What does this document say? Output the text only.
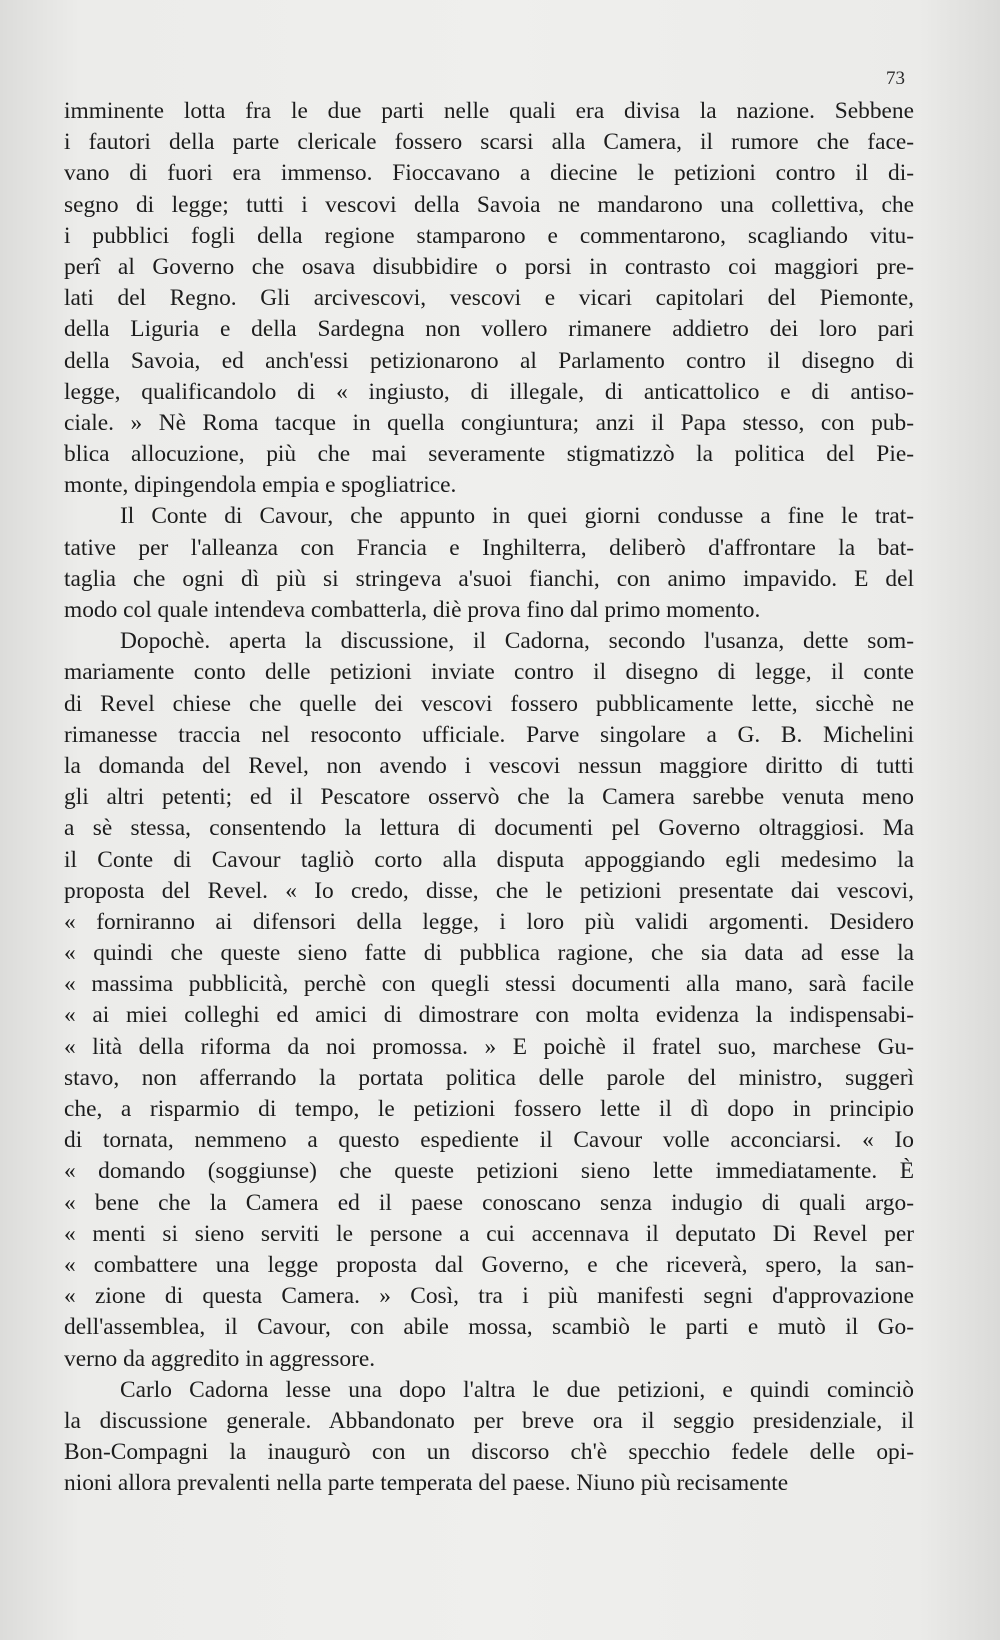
73
imminente lotta fra le due parti nelle quali era divisa la nazione. Sebbene
i fautori della parte clericale fossero scarsi alla Camera, il rumore che face-
vano di fuori era immenso. Fioccavano a diecine le petizioni contro il di-
segno di legge; tutti i vescovi della Savoia ne mandarono una collettiva, che
i pubblici fogli della regione stamparono e commentarono, scagliando vitu-
perî al Governo che osava disubbidire o porsi in contrasto coi maggiori pre-
lati del Regno. Gli arcivescovi, vescovi e vicari capitolari del Piemonte,
della Liguria e della Sardegna non vollero rimanere addietro dei loro pari
della Savoia, ed anch'essi petizionarono al Parlamento contro il disegno di
legge, qualificandolo di « ingiusto, di illegale, di anticattolico e di antiso-
ciale. » Nè Roma tacque in quella congiuntura; anzi il Papa stesso, con pub-
blica allocuzione, più che mai severamente stigmatizzò la politica del Pie-
monte, dipingendola empia e spogliatrice.
Il Conte di Cavour, che appunto in quei giorni condusse a fine le trat-
tative per l'alleanza con Francia e Inghilterra, deliberò d'affrontare la bat-
taglia che ogni dì più si stringeva a'suoi fianchi, con animo impavido. E del
modo col quale intendeva combatterla, diè prova fino dal primo momento.
Dopochè. aperta la discussione, il Cadorna, secondo l'usanza, dette som-
mariamente conto delle petizioni inviate contro il disegno di legge, il conte
di Revel chiese che quelle dei vescovi fossero pubblicamente lette, sicchè ne
rimanesse traccia nel resoconto ufficiale. Parve singolare a G. B. Michelini
la domanda del Revel, non avendo i vescovi nessun maggiore diritto di tutti
gli altri petenti; ed il Pescatore osservò che la Camera sarebbe venuta meno
a sè stessa, consentendo la lettura di documenti pel Governo oltraggiosi. Ma
il Conte di Cavour tagliò corto alla disputa appoggiando egli medesimo la
proposta del Revel. « Io credo, disse, che le petizioni presentate dai vescovi,
« forniranno ai difensori della legge, i loro più validi argomenti. Desidero
« quindi che queste sieno fatte di pubblica ragione, che sia data ad esse la
« massima pubblicità, perchè con quegli stessi documenti alla mano, sarà facile
« ai miei colleghi ed amici di dimostrare con molta evidenza la indispensabi-
« lità della riforma da noi promossa. » E poichè il fratel suo, marchese Gu-
stavo, non afferrando la portata politica delle parole del ministro, suggerì
che, a risparmio di tempo, le petizioni fossero lette il dì dopo in principio
di tornata, nemmeno a questo espediente il Cavour volle acconciarsi. « Io
« domando (soggiunse) che queste petizioni sieno lette immediatamente. È
« bene che la Camera ed il paese conoscano senza indugio di quali argo-
« menti si sieno serviti le persone a cui accennava il deputato Di Revel per
« combattere una legge proposta dal Governo, e che riceverà, spero, la san-
« zione di questa Camera. » Così, tra i più manifesti segni d'approvazione
dell'assemblea, il Cavour, con abile mossa, scambiò le parti e mutò il Go-
verno da aggredito in aggressore.
Carlo Cadorna lesse una dopo l'altra le due petizioni, e quindi cominciò
la discussione generale. Abbandonato per breve ora il seggio presidenziale, il
Bon-Compagni la inaugurò con un discorso ch'è specchio fedele delle opi-
nioni allora prevalenti nella parte temperata del paese. Niuno più recisamente
